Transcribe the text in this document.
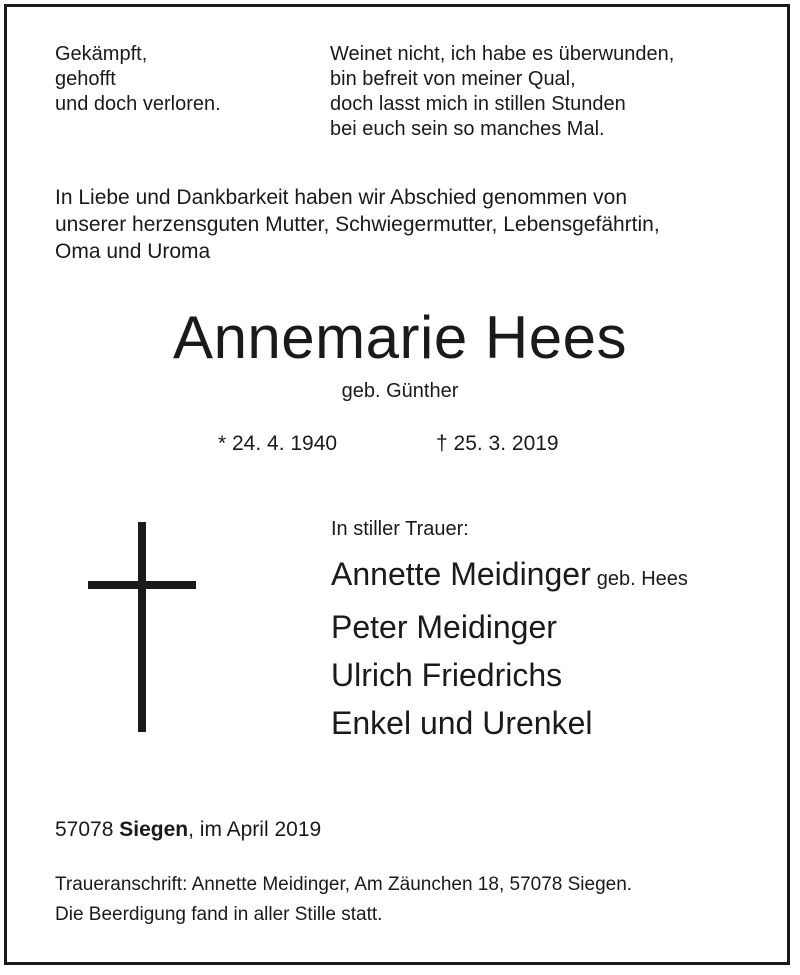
Gekämpft,
gehofft
und doch verloren.
Weinet nicht, ich habe es überwunden,
bin befreit von meiner Qual,
doch lasst mich in stillen Stunden
bei euch sein so manches Mal.
In Liebe und Dankbarkeit haben wir Abschied genommen von
unserer herzensguten Mutter, Schwiegermutter, Lebensgefährtin,
Oma und Uroma
Annemarie Hees
geb. Günther
* 24. 4. 1940	† 25. 3. 2019
In stiller Trauer:
Annette Meidinger geb. Hees
Peter Meidinger
Ulrich Friedrichs
Enkel und Urenkel
57078 Siegen, im April 2019
Traueranschrift: Annette Meidinger, Am Zäunchen 18, 57078 Siegen.
Die Beerdigung fand in aller Stille statt.
